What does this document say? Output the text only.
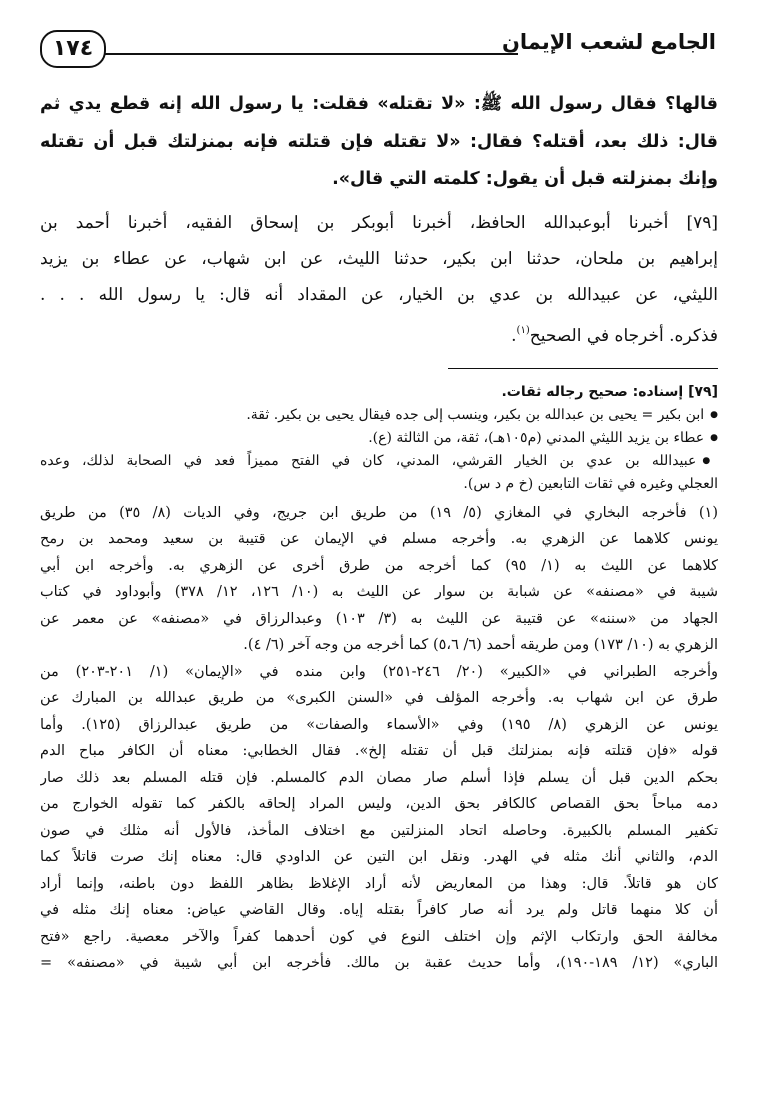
١٧٤	الجامع لشعب الإيمان
قالها؟ فقال رسول الله ﷺ: «لا تقتله» فقلت: يا رسول الله إنه قطع يدي ثم
قال: ذلك بعد، أقتله؟ فقال: «لا تقتله فإن قتلته فإنه بمنزلتك قبل أن تقتله
وإنك بمنزلته قبل أن يقول: كلمته التي قال».
[٧٩] أخبرنا أبوعبدالله الحافظ، أخبرنا أبوبكر بن إسحاق الفقيه، أخبرنا أحمد بن
إبراهيم بن ملحان، حدثنا ابن بكير، حدثنا الليث، عن ابن شهاب، عن عطاء بن يزيد
الليثي، عن عبيدالله بن عدي بن الخيار، عن المقداد أنه قال: يا رسول الله . . .
فذكره. أخرجاه في الصحيح$^{(١)}$.
[٧٩] إسناده: صحيح رجاله ثقات.
● ابن بكير = يحيى بن عبدالله بن بكير، وينسب إلى جده فيقال يحيى بن بكير. ثقة.
● عطاء بن يزيد الليثي المدني (م١٠٥هـ)، ثقة، من الثالثة (ع).
● عبيدالله بن عدي بن الخيار القرشي، المدني، كان في الفتح مميزاً فعد في الصحابة لذلك، وعده
العجلي وغيره في ثقات التابعين (خ م د س).
(١) فأخرجه البخاري في المغازي (٥/ ١٩) من طريق ابن جريج، وفي الديات (٨/ ٣٥) من طريق
يونس كلاهما عن الزهري به. وأخرجه مسلم في الإيمان عن قتيبة بن سعيد ومحمد بن رمح
كلاهما عن الليث به (١/ ٩٥) كما أخرجه من طرق أخرى عن الزهري به. وأخرجه ابن أبي
شيبة في «مصنفه» عن شبابة بن سوار عن الليث به (١٠/ ١٢٦، ١٢/ ٣٧٨) وأبوداود في كتاب
الجهاد من «سننه» عن قتيبة عن الليث به (٣/ ١٠٣) وعبدالرزاق في «مصنفه» عن معمر عن
الزهري به (١٠/ ١٧٣) ومن طريقه أحمد (٦/ ٥،٦) كما أخرجه من وجه آخر (٦/ ٤).
وأخرجه الطبراني في «الكبير» (٢٠/ ٢٤٦-٢٥١) وابن منده في «الإيمان» (١/ ٢٠١-٢٠٣) من
طرق عن ابن شهاب به. وأخرجه المؤلف في «السنن الكبرى» من طريق عبدالله بن المبارك عن
يونس عن الزهري (٨/ ١٩٥) وفي «الأسماء والصفات» من طريق عبدالرزاق (١٢٥). وأما
قوله «فإن قتلته فإنه بمنزلتك قبل أن تقتله إلخ». فقال الخطابي: معناه أن الكافر مباح الدم
بحكم الدين قبل أن يسلم فإذا أسلم صار مصان الدم كالمسلم. فإن قتله المسلم بعد ذلك صار
دمه مباحاً بحق القصاص كالكافر بحق الدين، وليس المراد إلحاقه بالكفر كما تقوله الخوارج من
تكفير المسلم بالكبيرة. وحاصله اتحاد المنزلتين مع اختلاف المأخذ، فالأول أنه مثلك في صون
الدم، والثاني أنك مثله في الهدر. ونقل ابن التين عن الداودي قال: معناه إنك صرت قاتلاً كما
كان هو قاتلاً. قال: وهذا من المعاريض لأنه أراد الإغلاظ بظاهر اللفظ دون باطنه، وإنما أراد
أن كلا منهما قاتل ولم يرد أنه صار كافراً بقتله إياه. وقال القاضي عياض: معناه إنك مثله في
مخالفة الحق وارتكاب الإثم وإن اختلف النوع في كون أحدهما كفراً والآخر معصية. راجع «فتح
الباري» (١٢/ ١٨٩-١٩٠)، وأما حديث عقبة بن مالك. فأخرجه ابن أبي شيبة في «مصنفه» =
